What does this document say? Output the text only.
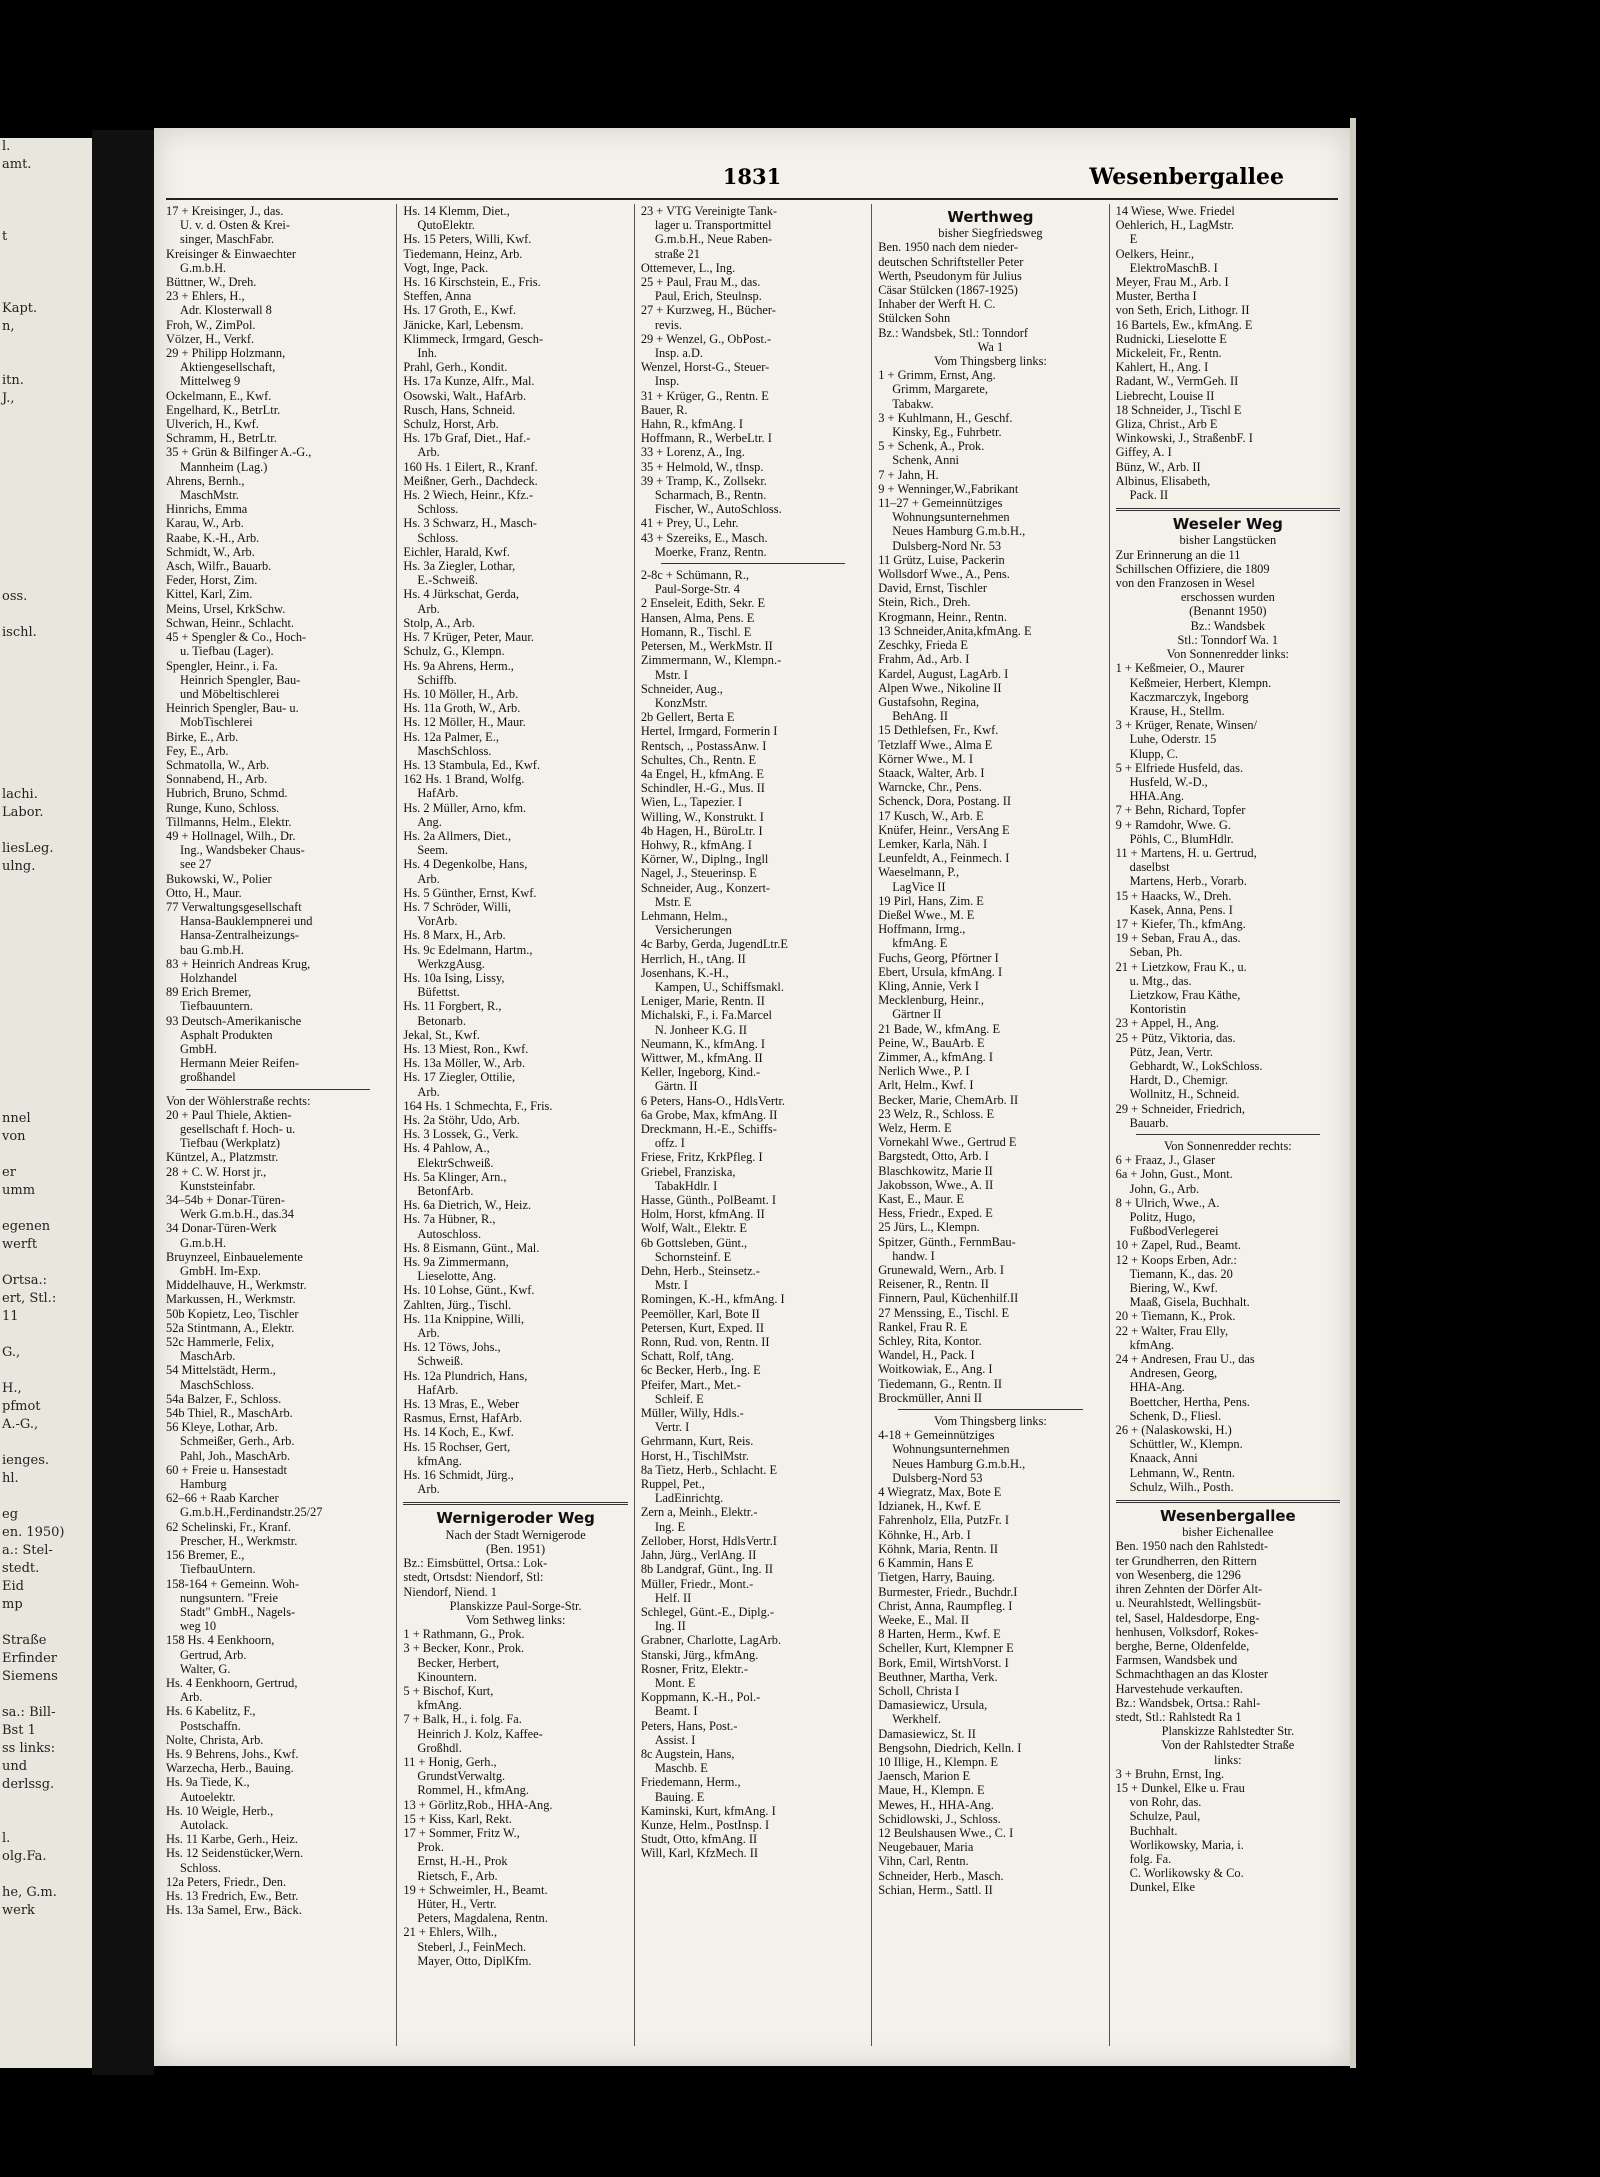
l.
amt.

t

Kapt.
n,

itn.
J.,

oss.

ischl.

lachi.
Labor.

liesLeg.
ulng.

nnel
von

er
umm

egenen
werft

Ortsa.:
ert, Stl.:
11

G.,

H.,
pfmot
A.-G.,

ienges.
hl.

eg
en. 1950)
a.: Stel-
stedt.
Eid
mp

Straße
Erfinder
Siemens

sa.: Bill-
Bst 1
ss links:
und
derlssg.

l.
olg.Fa.

he, G.m.
werk
1831	Wesenbergallee
17 + Kreisinger, J., das.
U. v. d. Osten & Krei-
singer, MaschFabr.
Kreisinger & Einwaechter
G.m.b.H.
Büttner, W., Dreh.
23 + Ehlers, H.,
Adr. Klosterwall 8
Froh, W., ZimPol.
Völzer, H., Verkf.
29 + Philipp Holzmann,
Aktiengesellschaft,
Mittelweg 9
Ockelmann, E., Kwf.
Engelhard, K., BetrLtr.
Ulverich, H., Kwf.
Schramm, H., BetrLtr.
35 + Grün & Bilfinger A.-G.,
Mannheim (Lag.)
Ahrens, Bernh.,
MaschMstr.
Hinrichs, Emma
Karau, W., Arb.
Raabe, K.-H., Arb.
Schmidt, W., Arb.
Asch, Wilfr., Bauarb.
Feder, Horst, Zim.
Kittel, Karl, Zim.
Meins, Ursel, KrkSchw.
Schwan, Heinr., Schlacht.
45 + Spengler & Co., Hoch-
u. Tiefbau (Lager).
Spengler, Heinr., i. Fa.
Heinrich Spengler, Bau-
und Möbeltischlerei
Heinrich Spengler, Bau- u.
MobTischlerei
Birke, E., Arb.
Fey, E., Arb.
Schmatolla, W., Arb.
Sonnabend, H., Arb.
Hubrich, Bruno, Schmd.
Runge, Kuno, Schloss.
Tillmanns, Helm., Elektr.
49 + Hollnagel, Wilh., Dr.
Ing., Wandsbeker Chaus-
see 27
Bukowski, W., Polier
Otto, H., Maur.
77 Verwaltungsgesellschaft
Hansa-Bauklempnerei und
Hansa-Zentralheizungs-
bau G.mb.H.
83 + Heinrich Andreas Krug,
Holzhandel
89 Erich Bremer,
Tiefbauuntern.
93 Deutsch-Amerikanische
Asphalt Produkten
GmbH.
Hermann Meier Reifen-
großhandel
Von der Wöhlerstraße rechts:
20 + Paul Thiele, Aktien-
gesellschaft f. Hoch- u.
Tiefbau (Werkplatz)
Küntzel, A., Platzmstr.
28 + C. W. Horst jr.,
Kunststeinfabr.
34–54b + Donar-Türen-
Werk G.m.b.H., das.34
34 Donar-Türen-Werk
G.m.b.H.
Bruynzeel, Einbauelemente
GmbH. Im-Exp.
Middelhauve, H., Werkmstr.
Markussen, H., Werkmstr.
50b Kopietz, Leo, Tischler
52a Stintmann, A., Elektr.
52c Hammerle, Felix,
MaschArb.
54 Mittelstädt, Herm.,
MaschSchloss.
54a Balzer, F., Schloss.
54b Thiel, R., MaschArb.
56 Kleye, Lothar, Arb.
Schmeißer, Gerh., Arb.
Pahl, Joh., MaschArb.
60 + Freie u. Hansestadt
Hamburg
62–66 + Raab Karcher
G.m.b.H.,Ferdinandstr.25/27
62 Schelinski, Fr., Kranf.
Prescher, H., Werkmstr.
156 Bremer, E.,
TiefbauUntern.
158-164 + Gemeinn. Woh-
nungsuntern. "Freie
Stadt" GmbH., Nagels-
weg 10
158 Hs. 4 Eenkhoorn,
Gertrud, Arb.
Walter, G.
Hs. 4 Eenkhoorn, Gertrud,
Arb.
Hs. 6 Kabelitz, F.,
Postschaffn.
Nolte, Christa, Arb.
Hs. 9 Behrens, Johs., Kwf.
Warzecha, Herb., Bauing.
Hs. 9a Tiede, K.,
Autoelektr.
Hs. 10 Weigle, Herb.,
Autolack.
Hs. 11 Karbe, Gerh., Heiz.
Hs. 12 Seidenstücker,Wern.
Schloss.
12a Peters, Friedr., Den.
Hs. 13 Fredrich, Ew., Betr.
Hs. 13a Samel, Erw., Bäck.
Hs. 14 Klemm, Diet.,
QutoElektr.
Hs. 15 Peters, Willi, Kwf.
Tiedemann, Heinz, Arb.
Vogt, Inge, Pack.
Hs. 16 Kirschstein, E., Fris.
Steffen, Anna
Hs. 17 Groth, E., Kwf.
Jänicke, Karl, Lebensm.
Klimmeck, Irmgard, Gesch-
Inh.
Prahl, Gerh., Kondit.
Hs. 17a Kunze, Alfr., Mal.
Osowski, Walt., HafArb.
Rusch, Hans, Schneid.
Schulz, Horst, Arb.
Hs. 17b Graf, Diet., Haf.-
Arb.
160 Hs. 1 Eilert, R., Kranf.
Meißner, Gerh., Dachdeck.
Hs. 2 Wiech, Heinr., Kfz.-
Schloss.
Hs. 3 Schwarz, H., Masch-
Schloss.
Eichler, Harald, Kwf.
Hs. 3a Ziegler, Lothar,
E.-Schweiß.
Hs. 4 Jürkschat, Gerda,
Arb.
Stolp, A., Arb.
Hs. 7 Krüger, Peter, Maur.
Schulz, G., Klempn.
Hs. 9a Ahrens, Herm.,
Schiffb.
Hs. 10 Möller, H., Arb.
Hs. 11a Groth, W., Arb.
Hs. 12 Möller, H., Maur.
Hs. 12a Palmer, E.,
MaschSchloss.
Hs. 13 Stambula, Ed., Kwf.
162 Hs. 1 Brand, Wolfg.
HafArb.
Hs. 2 Müller, Arno, kfm.
Ang.
Hs. 2a Allmers, Diet.,
Seem.
Hs. 4 Degenkolbe, Hans,
Arb.
Hs. 5 Günther, Ernst, Kwf.
Hs. 7 Schröder, Willi,
VorArb.
Hs. 8 Marx, H., Arb.
Hs. 9c Edelmann, Hartm.,
WerkzgAusg.
Hs. 10a Ising, Lissy,
Büfettst.
Hs. 11 Forgbert, R.,
Betonarb.
Jekal, St., Kwf.
Hs. 13 Miest, Ron., Kwf.
Hs. 13a Möller, W., Arb.
Hs. 17 Ziegler, Ottilie,
Arb.
164 Hs. 1 Schmechta, F., Fris.
Hs. 2a Stöhr, Udo, Arb.
Hs. 3 Lossek, G., Verk.
Hs. 4 Pahlow, A.,
ElektrSchweiß.
Hs. 5a Klinger, Arn.,
BetonfArb.
Hs. 6a Dietrich, W., Heiz.
Hs. 7a Hübner, R.,
Autoschloss.
Hs. 8 Eismann, Günt., Mal.
Hs. 9a Zimmermann,
Lieselotte, Ang.
Hs. 10 Lohse, Günt., Kwf.
Zahlten, Jürg., Tischl.
Hs. 11a Knippine, Willi,
Arb.
Hs. 12 Töws, Johs.,
Schweiß.
Hs. 12a Plundrich, Hans,
HafArb.
Hs. 13 Mras, E., Weber
Rasmus, Ernst, HafArb.
Hs. 14 Koch, E., Kwf.
Hs. 15 Rochser, Gert,
kfmAng.
Hs. 16 Schmidt, Jürg.,
Arb.
Wernigeroder Weg
Nach der Stadt Wernigerode
(Ben. 1951)
Bz.: Eimsbüttel, Ortsa.: Lok-
stedt, Ortsdst: Niendorf, Stl:
Niendorf, Niend. 1
Planskizze Paul-Sorge-Str.
Vom Sethweg links:
1 + Rathmann, G., Prok.
3 + Becker, Konr., Prok.
Becker, Herbert,
Kinountern.
5 + Bischof, Kurt,
kfmAng.
7 + Balk, H., i. folg. Fa.
Heinrich J. Kolz, Kaffee-
Großhdl.
11 + Honig, Gerh.,
GrundstVerwaltg.
Rommel, H., kfmAng.
13 + Görlitz,Rob., HHA-Ang.
15 + Kiss, Karl, Rekt.
17 + Sommer, Fritz W.,
Prok.
Ernst, H.-H., Prok
Rietsch, F., Arb.
19 + Schweimler, H., Beamt.
Hüter, H., Vertr.
Peters, Magdalena, Rentn.
21 + Ehlers, Wilh.,
Steberl, J., FeinMech.
Mayer, Otto, DiplKfm.
23 + VTG Vereinigte Tank-
lager u. Transportmittel
G.m.b.H., Neue Raben-
straße 21
Ottemever, L., Ing.
25 + Paul, Frau M., das.
Paul, Erich, Steulnsp.
27 + Kurzweg, H., Bücher-
revis.
29 + Wenzel, G., ObPost.-
Insp. a.D.
Wenzel, Horst-G., Steuer-
Insp.
31 + Krüger, G., Rentn. E
Bauer, R.
Hahn, R., kfmAng. I
Hoffmann, R., WerbeLtr. I
33 + Lorenz, A., Ing.
35 + Helmold, W., tInsp.
39 + Tramp, K., Zollsekr.
Scharmach, B., Rentn.
Fischer, W., AutoSchloss.
41 + Prey, U., Lehr.
43 + Szereiks, E., Masch.
Moerke, Franz, Rentn.
2-8c + Schümann, R.,
Paul-Sorge-Str. 4
2 Enseleit, Edith, Sekr. E
Hansen, Alma, Pens. E
Homann, R., Tischl. E
Petersen, M., WerkMstr. II
Zimmermann, W., Klempn.-
Mstr. I
Schneider, Aug.,
KonzMstr.
2b Gellert, Berta E
Hertel, Irmgard, Formerin I
Rentsch, ., PostassAnw. I
Schultes, Ch., Rentn. E
4a Engel, H., kfmAng. E
Schindler, H.-G., Mus. II
Wien, L., Tapezier. I
Willing, W., Konstrukt. I
4b Hagen, H., BüroLtr. I
Hohwy, R., kfmAng. I
Körner, W., Diplng., Ingll
Nagel, J., Steuerinsp. E
Schneider, Aug., Konzert-
Mstr. E
Lehmann, Helm.,
Versicherungen
4c Barby, Gerda, JugendLtr.E
Herrlich, H., tAng. II
Josenhans, K.-H.,
Kampen, U., Schiffsmakl.
Leniger, Marie, Rentn. II
Michalski, F., i. Fa.Marcel
N. Jonheer K.G. II
Neumann, K., kfmAng. I
Wittwer, M., kfmAng. II
Keller, Ingeborg, Kind.-
Gärtn. II
6 Peters, Hans-O., HdlsVertr.
6a Grobe, Max, kfmAng. II
Dreckmann, H.-E., Schiffs-
offz. I
Friese, Fritz, KrkPfleg. I
Griebel, Franziska,
TabakHdlr. I
Hasse, Günth., PolBeamt. I
Holm, Horst, kfmAng. II
Wolf, Walt., Elektr. E
6b Gottsleben, Günt.,
Schornsteinf. E
Dehn, Herb., Steinsetz.-
Mstr. I
Romingen, K.-H., kfmAng. I
Peemöller, Karl, Bote II
Petersen, Kurt, Exped. II
Ronn, Rud. von, Rentn. II
Schatt, Rolf, tAng.
6c Becker, Herb., Ing. E
Pfeifer, Mart., Met.-
Schleif. E
Müller, Willy, Hdls.-
Vertr. I
Gehrmann, Kurt, Reis.
Horst, H., TischlMstr.
8a Tietz, Herb., Schlacht. E
Ruppel, Pet.,
LadEinrichtg.
Zern a, Meinh., Elektr.-
Ing. E
Zellober, Horst, HdlsVertr.I
Jahn, Jürg., VerlAng. II
8b Landgraf, Günt., Ing. II
Müller, Friedr., Mont.-
Helf. II
Schlegel, Günt.-E., Diplg.-
Ing. II
Grabner, Charlotte, LagArb.
Stanski, Jürg., kfmAng.
Rosner, Fritz, Elektr.-
Mont. E
Koppmann, K.-H., Pol.-
Beamt. I
Peters, Hans, Post.-
Assist. I
8c Augstein, Hans,
Maschb. E
Friedemann, Herm.,
Bauing. E
Kaminski, Kurt, kfmAng. I
Kunze, Helm., PostInsp. I
Studt, Otto, kfmAng. II
Will, Karl, KfzMech. II
Werthweg
bisher Siegfriedsweg
Ben. 1950 nach dem nieder-
deutschen Schriftsteller Peter
Werth, Pseudonym für Julius
Cäsar Stülcken (1867-1925)
Inhaber der Werft H. C.
Stülcken Sohn
Bz.: Wandsbek, Stl.: Tonndorf
Wa 1
Vom Thingsberg links:
1 + Grimm, Ernst, Ang.
Grimm, Margarete,
Tabakw.
3 + Kuhlmann, H., Geschf.
Kinsky, Eg., Fuhrbetr.
5 + Schenk, A., Prok.
Schenk, Anni
7 + Jahn, H.
9 + Wenninger,W.,Fabrikant
11–27 + Gemeinnütziges
Wohnungsunternehmen
Neues Hamburg G.m.b.H.,
Dulsberg-Nord Nr. 53
11 Grütz, Luise, Packerin
Wollsdorf Wwe., A., Pens.
David, Ernst, Tischler
Stein, Rich., Dreh.
Krogmann, Heinr., Rentn.
13 Schneider,Anita,kfmAng. E
Zeschky, Frieda E
Frahm, Ad., Arb. I
Kardel, August, LagArb. I
Alpen Wwe., Nikoline II
Gustafsohn, Regina,
BehAng. II
15 Dethlefsen, Fr., Kwf.
Tetzlaff Wwe., Alma E
Körner Wwe., M. I
Staack, Walter, Arb. I
Warncke, Chr., Pens.
Schenck, Dora, Postang. II
17 Kusch, W., Arb. E
Knüfer, Heinr., VersAng E
Lemker, Karla, Näh. I
Leunfeldt, A., Feinmech. I
Waeselmann, P.,
LagVice II
19 Pirl, Hans, Zim. E
Dießel Wwe., M. E
Hoffmann, Irmg.,
kfmAng. E
Fuchs, Georg, Pförtner I
Ebert, Ursula, kfmAng. I
Kling, Annie, Verk I
Mecklenburg, Heinr.,
Gärtner II
21 Bade, W., kfmAng. E
Peine, W., BauArb. E
Zimmer, A., kfmAng. I
Nerlich Wwe., P. I
Arlt, Helm., Kwf. I
Becker, Marie, ChemArb. II
23 Welz, R., Schloss. E
Welz, Herm. E
Vornekahl Wwe., Gertrud E
Bargstedt, Otto, Arb. I
Blaschkowitz, Marie II
Jakobsson, Wwe., A. II
Kast, E., Maur. E
Hess, Friedr., Exped. E
25 Jürs, L., Klempn.
Spitzer, Günth., FernmBau-
handw. I
Grunewald, Wern., Arb. I
Reisener, R., Rentn. II
Finnern, Paul, Küchenhilf.II
27 Menssing, E., Tischl. E
Rankel, Frau R. E
Schley, Rita, Kontor.
Wandel, H., Pack. I
Woitkowiak, E., Ang. I
Tiedemann, G., Rentn. II
Brockmüller, Anni II
Vom Thingsberg links:
4-18 + Gemeinnütziges
Wohnungsunternehmen
Neues Hamburg G.m.b.H.,
Dulsberg-Nord 53
4 Wiegratz, Max, Bote E
Idzianek, H., Kwf. E
Fahrenholz, Ella, PutzFr. I
Köhnke, H., Arb. I
Köhnk, Maria, Rentn. II
6 Kammin, Hans E
Tietgen, Harry, Bauing.
Burmester, Friedr., Buchdr.I
Christ, Anna, Raumpfleg. I
Weeke, E., Mal. II
8 Harten, Herm., Kwf. E
Scheller, Kurt, Klempner E
Bork, Emil, WirtshVorst. I
Beuthner, Martha, Verk.
Scholl, Christa I
Damasiewicz, Ursula,
Werkhelf.
Damasiewicz, St. II
Bengsohn, Diedrich, Kelln. I
10 Illige, H., Klempn. E
Jaensch, Marion E
Maue, H., Klempn. E
Mewes, H., HHA-Ang.
Schidlowski, J., Schloss.
12 Beulshausen Wwe., C. I
Neugebauer, Maria
Vihn, Carl, Rentn.
Schneider, Herb., Masch.
Schian, Herm., Sattl. II
14 Wiese, Wwe. Friedel
Oehlerich, H., LagMstr.
E
Oelkers, Heinr.,
ElektroMaschB. I
Meyer, Frau M., Arb. I
Muster, Bertha I
von Seth, Erich, Lithogr. II
16 Bartels, Ew., kfmAng. E
Rudnicki, Lieselotte E
Mickeleit, Fr., Rentn.
Kahlert, H., Ang. I
Radant, W., VermGeh. II
Liebrecht, Louise II
18 Schneider, J., Tischl E
Gliza, Christ., Arb E
Winkowski, J., StraßenbF. I
Giffey, A. I
Bünz, W., Arb. II
Albinus, Elisabeth,
Pack. II
Weseler Weg
bisher Langstücken
Zur Erinnerung an die 11
Schillschen Offiziere, die 1809
von den Franzosen in Wesel
erschossen wurden
(Benannt 1950)
Bz.: Wandsbek
Stl.: Tonndorf Wa. 1
Von Sonnenredder links:
1 + Keßmeier, O., Maurer
Keßmeier, Herbert, Klempn.
Kaczmarczyk, Ingeborg
Krause, H., Stellm.
3 + Krüger, Renate, Winsen/
Luhe, Oderstr. 15
Klupp, C.
5 + Elfriede Husfeld, das.
Husfeld, W.-D.,
HHA.Ang.
7 + Behn, Richard, Topfer
9 + Ramdohr, Wwe. G.
Pöhls, C., BlumHdlr.
11 + Martens, H. u. Gertrud,
daselbst
Martens, Herb., Vorarb.
15 + Haacks, W., Dreh.
Kasek, Anna, Pens. I
17 + Kiefer, Th., kfmAng.
19 + Seban, Frau A., das.
Seban, Ph.
21 + Lietzkow, Frau K., u.
u. Mtg., das.
Lietzkow, Frau Käthe,
Kontoristin
23 + Appel, H., Ang.
25 + Pütz, Viktoria, das.
Pütz, Jean, Vertr.
Gebhardt, W., LokSchloss.
Hardt, D., Chemigr.
Wollnitz, H., Schneid.
29 + Schneider, Friedrich,
Bauarb.
Von Sonnenredder rechts:
6 + Fraaz, J., Glaser
6a + John, Gust., Mont.
John, G., Arb.
8 + Ulrich, Wwe., A.
Politz, Hugo,
FußbodVerlegerei
10 + Zapel, Rud., Beamt.
12 + Koops Erben, Adr.:
Tiemann, K., das. 20
Biering, W., Kwf.
Maaß, Gisela, Buchhalt.
20 + Tiemann, K., Prok.
22 + Walter, Frau Elly,
kfmAng.
24 + Andresen, Frau U., das
Andresen, Georg,
HHA-Ang.
Boettcher, Hertha, Pens.
Schenk, D., Fliesl.
26 + (Nalaskowski, H.)
Schüttler, W., Klempn.
Knaack, Anni
Lehmann, W., Rentn.
Schulz, Wilh., Posth.
Wesenbergallee
bisher Eichenallee
Ben. 1950 nach den Rahlstedt-
ter Grundherren, den Rittern
von Wesenberg, die 1296
ihren Zehnten der Dörfer Alt-
u. Neurahlstedt, Wellingsbüt-
tel, Sasel, Haldesdorpe, Eng-
henhusen, Volksdorf, Rokes-
berghe, Berne, Oldenfelde,
Farmsen, Wandsbek und
Schmachthagen an das Kloster
Harvestehude verkauften.
Bz.: Wandsbek, Ortsa.: Rahl-
stedt, Stl.: Rahlstedt Ra 1
Planskizze Rahlstedter Str.
Von der Rahlstedter Straße
links:
3 + Bruhn, Ernst, Ing.
15 + Dunkel, Elke u. Frau
von Rohr, das.
Schulze, Paul,
Buchhalt.
Worlikowsky, Maria, i.
folg. Fa.
C. Worlikowsky & Co.
Dunkel, Elke
